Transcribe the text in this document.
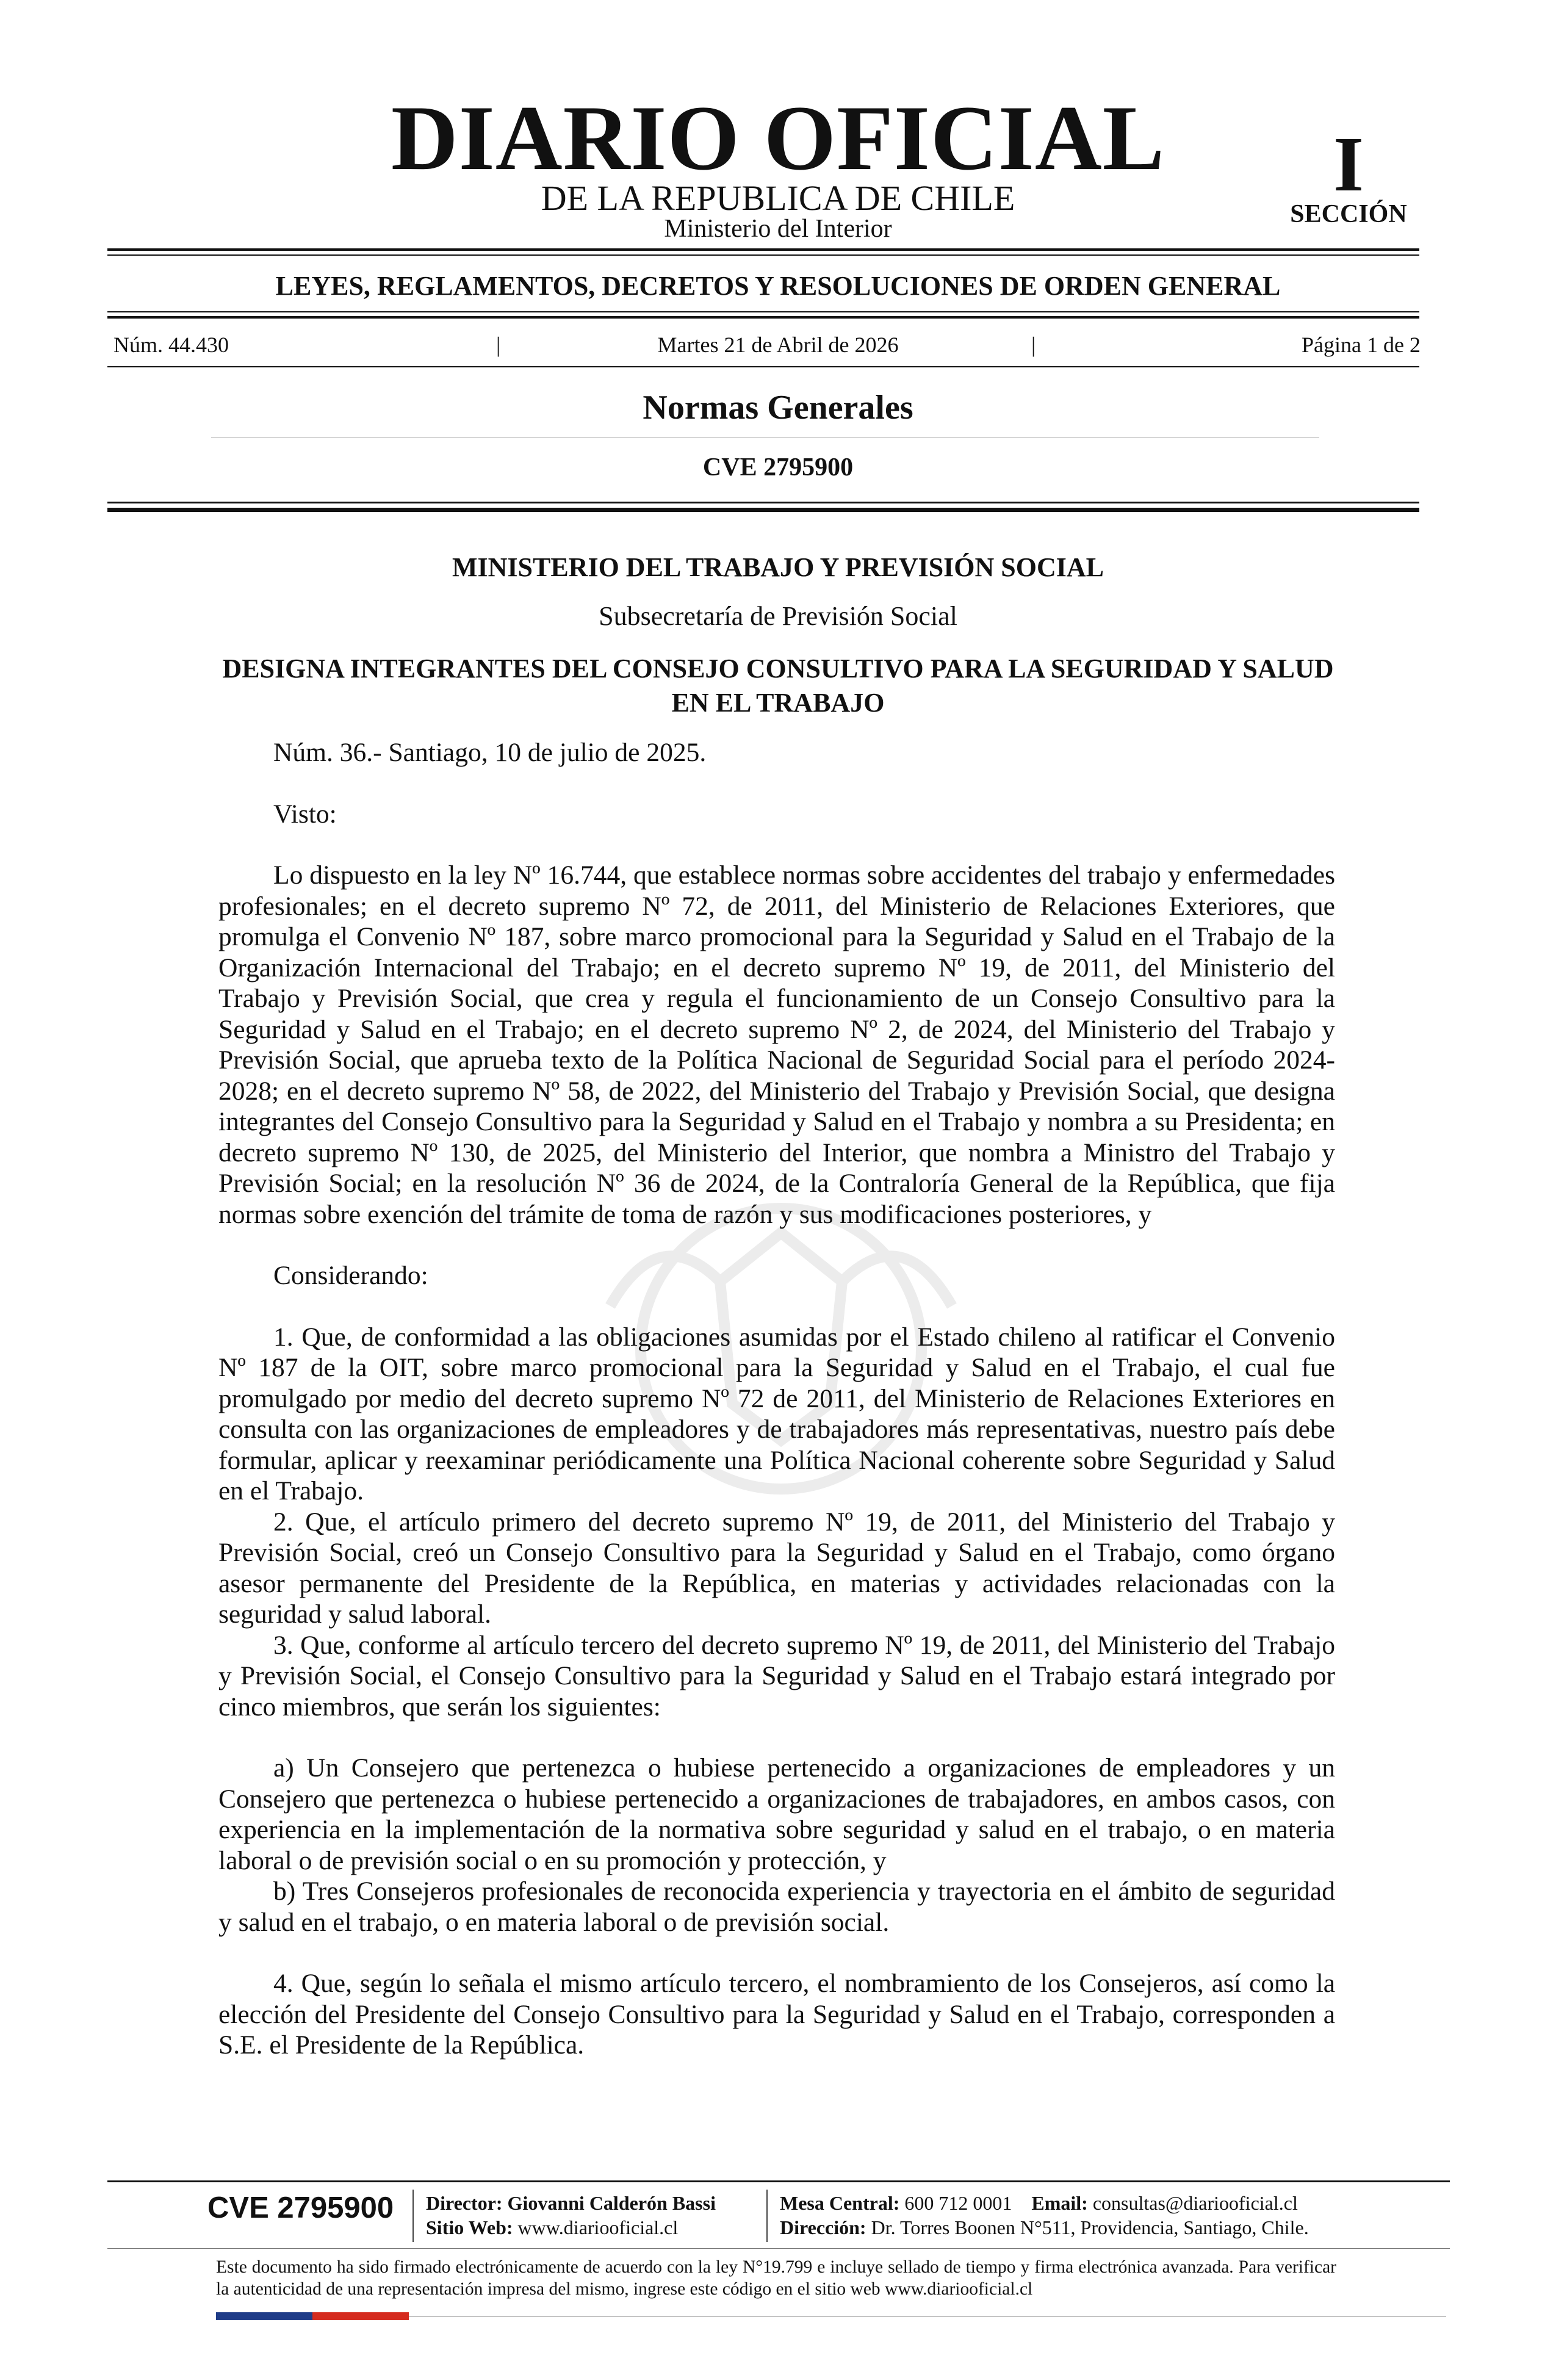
DIARIO OFICIAL
DE LA REPUBLICA DE CHILE
Ministerio del Interior
I
SECCIÓN
LEYES, REGLAMENTOS, DECRETOS Y RESOLUCIONES DE ORDEN GENERAL
Núm. 44.430	|	Martes 21 de Abril de 2026	|	Página 1 de 2
Normas Generales
CVE 2795900
MINISTERIO DEL TRABAJO Y PREVISIÓN SOCIAL
Subsecretaría de Previsión Social
DESIGNA INTEGRANTES DEL CONSEJO CONSULTIVO PARA LA SEGURIDAD Y SALUD EN EL TRABAJO

Núm. 36.- Santiago, 10 de julio de 2025.

Visto:

Lo dispuesto en la ley Nº 16.744, que establece normas sobre accidentes del trabajo y enfermedades profesionales; en el decreto supremo Nº 72, de 2011, del Ministerio de Relaciones Exteriores, que promulga el Convenio Nº 187, sobre marco promocional para la Seguridad y Salud en el Trabajo de la Organización Internacional del Trabajo; en el decreto supremo Nº 19, de 2011, del Ministerio del Trabajo y Previsión Social, que crea y regula el funcionamiento de un Consejo Consultivo para la Seguridad y Salud en el Trabajo; en el decreto supremo Nº 2, de 2024, del Ministerio del Trabajo y Previsión Social, que aprueba texto de la Política Nacional de Seguridad Social para el período 2024-2028; en el decreto supremo Nº 58, de 2022, del Ministerio del Trabajo y Previsión Social, que designa integrantes del Consejo Consultivo para la Seguridad y Salud en el Trabajo y nombra a su Presidenta; en decreto supremo Nº 130, de 2025, del Ministerio del Interior, que nombra a Ministro del Trabajo y Previsión Social; en la resolución Nº 36 de 2024, de la Contraloría General de la República, que fija normas sobre exención del trámite de toma de razón y sus modificaciones posteriores, y

Considerando:

1. Que, de conformidad a las obligaciones asumidas por el Estado chileno al ratificar el Convenio Nº 187 de la OIT, sobre marco promocional para la Seguridad y Salud en el Trabajo, el cual fue promulgado por medio del decreto supremo Nº 72 de 2011, del Ministerio de Relaciones Exteriores en consulta con las organizaciones de empleadores y de trabajadores más representativas, nuestro país debe formular, aplicar y reexaminar periódicamente una Política Nacional coherente sobre Seguridad y Salud en el Trabajo.

2. Que, el artículo primero del decreto supremo Nº 19, de 2011, del Ministerio del Trabajo y Previsión Social, creó un Consejo Consultivo para la Seguridad y Salud en el Trabajo, como órgano asesor permanente del Presidente de la República, en materias y actividades relacionadas con la seguridad y salud laboral.

3. Que, conforme al artículo tercero del decreto supremo Nº 19, de 2011, del Ministerio del Trabajo y Previsión Social, el Consejo Consultivo para la Seguridad y Salud en el Trabajo estará integrado por cinco miembros, que serán los siguientes:

a) Un Consejero que pertenezca o hubiese pertenecido a organizaciones de empleadores y un Consejero que pertenezca o hubiese pertenecido a organizaciones de trabajadores, en ambos casos, con experiencia en la implementación de la normativa sobre seguridad y salud en el trabajo, o en materia laboral o de previsión social o en su promoción y protección, y

b) Tres Consejeros profesionales de reconocida experiencia y trayectoria en el ámbito de seguridad y salud en el trabajo, o en materia laboral o de previsión social.

4. Que, según lo señala el mismo artículo tercero, el nombramiento de los Consejeros, así como la elección del Presidente del Consejo Consultivo para la Seguridad y Salud en el Trabajo, corresponden a S.E. el Presidente de la República.

CVE 2795900	Director: Giovanni Calderón Bassi
Sitio Web: www.diariooficial.cl
Mesa Central: 600 712 0001 Email: consultas@diariooficial.cl
Dirección: Dr. Torres Boonen N°511, Providencia, Santiago, Chile.
Este documento ha sido firmado electrónicamente de acuerdo con la ley N°19.799 e incluye sellado de tiempo y firma electrónica avanzada. Para verificar la autenticidad de una representación impresa del mismo, ingrese este código en el sitio web www.diariooficial.cl
